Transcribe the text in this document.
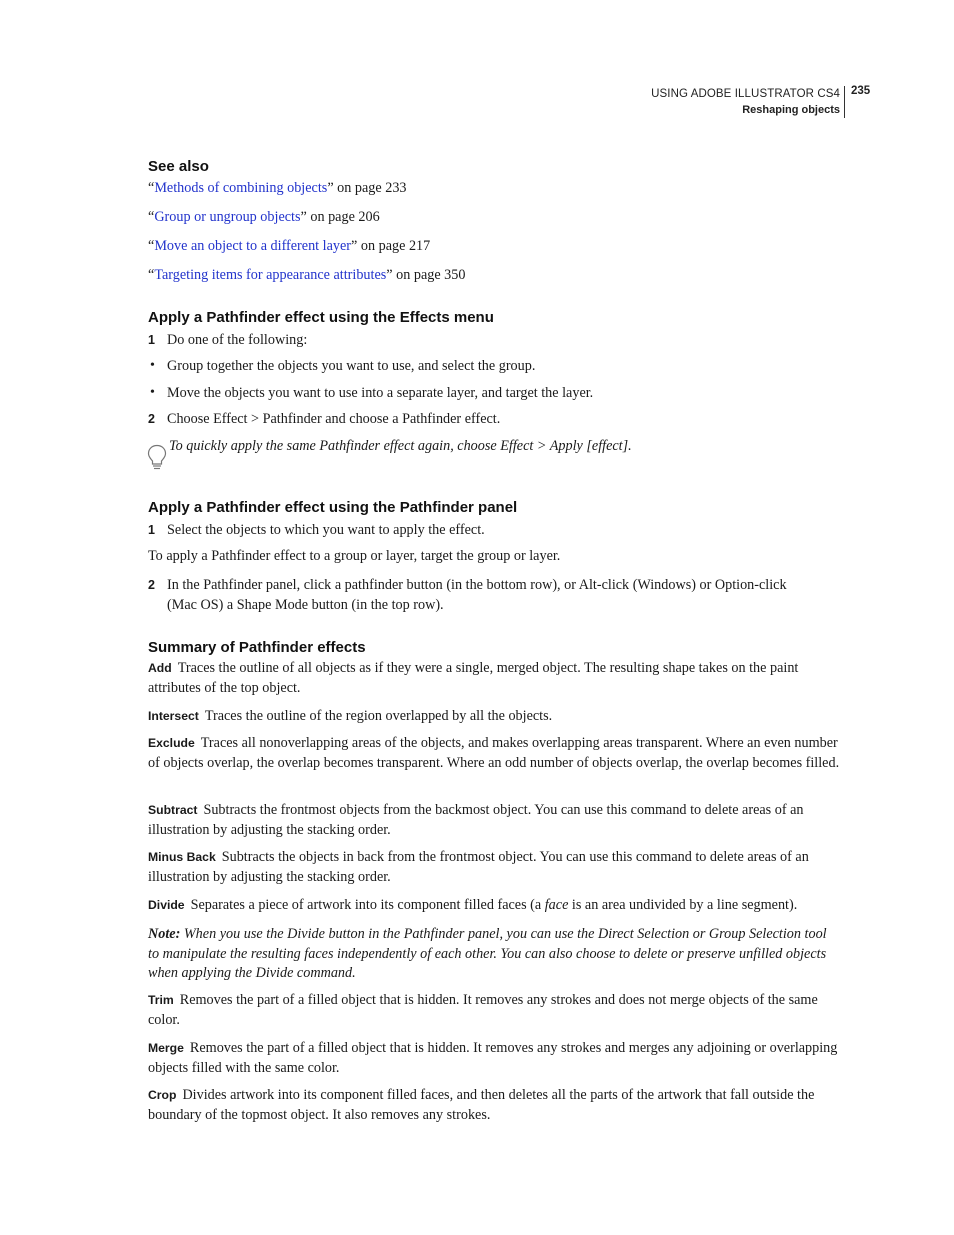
USING ADOBE ILLUSTRATOR CS4
Reshaping objects
235
See also
“Methods of combining objects” on page 233
“Group or ungroup objects” on page 206
“Move an object to a different layer” on page 217
“Targeting items for appearance attributes” on page 350
Apply a Pathfinder effect using the Effects menu
1 Do one of the following:
• Group together the objects you want to use, and select the group.
• Move the objects you want to use into a separate layer, and target the layer.
2 Choose Effect > Pathfinder and choose a Pathfinder effect.
To quickly apply the same Pathfinder effect again, choose Effect > Apply [effect].
Apply a Pathfinder effect using the Pathfinder panel
1 Select the objects to which you want to apply the effect.
To apply a Pathfinder effect to a group or layer, target the group or layer.
2 In the Pathfinder panel, click a pathfinder button (in the bottom row), or Alt-click (Windows) or Option-click
(Mac OS) a Shape Mode button (in the top row).
Summary of Pathfinder effects
Add Traces the outline of all objects as if they were a single, merged object. The resulting shape takes on the paint attributes of the top object.
Intersect Traces the outline of the region overlapped by all the objects.
Exclude Traces all nonoverlapping areas of the objects, and makes overlapping areas transparent. Where an even number of objects overlap, the overlap becomes transparent. Where an odd number of objects overlap, the overlap becomes filled.
Subtract Subtracts the frontmost objects from the backmost object. You can use this command to delete areas of an illustration by adjusting the stacking order.
Minus Back Subtracts the objects in back from the frontmost object. You can use this command to delete areas of an illustration by adjusting the stacking order.
Divide Separates a piece of artwork into its component filled faces (a face is an area undivided by a line segment).
Note: When you use the Divide button in the Pathfinder panel, you can use the Direct Selection or Group Selection tool to manipulate the resulting faces independently of each other. You can also choose to delete or preserve unfilled objects when applying the Divide command.
Trim Removes the part of a filled object that is hidden. It removes any strokes and does not merge objects of the same color.
Merge Removes the part of a filled object that is hidden. It removes any strokes and merges any adjoining or overlapping objects filled with the same color.
Crop Divides artwork into its component filled faces, and then deletes all the parts of the artwork that fall outside the boundary of the topmost object. It also removes any strokes.
